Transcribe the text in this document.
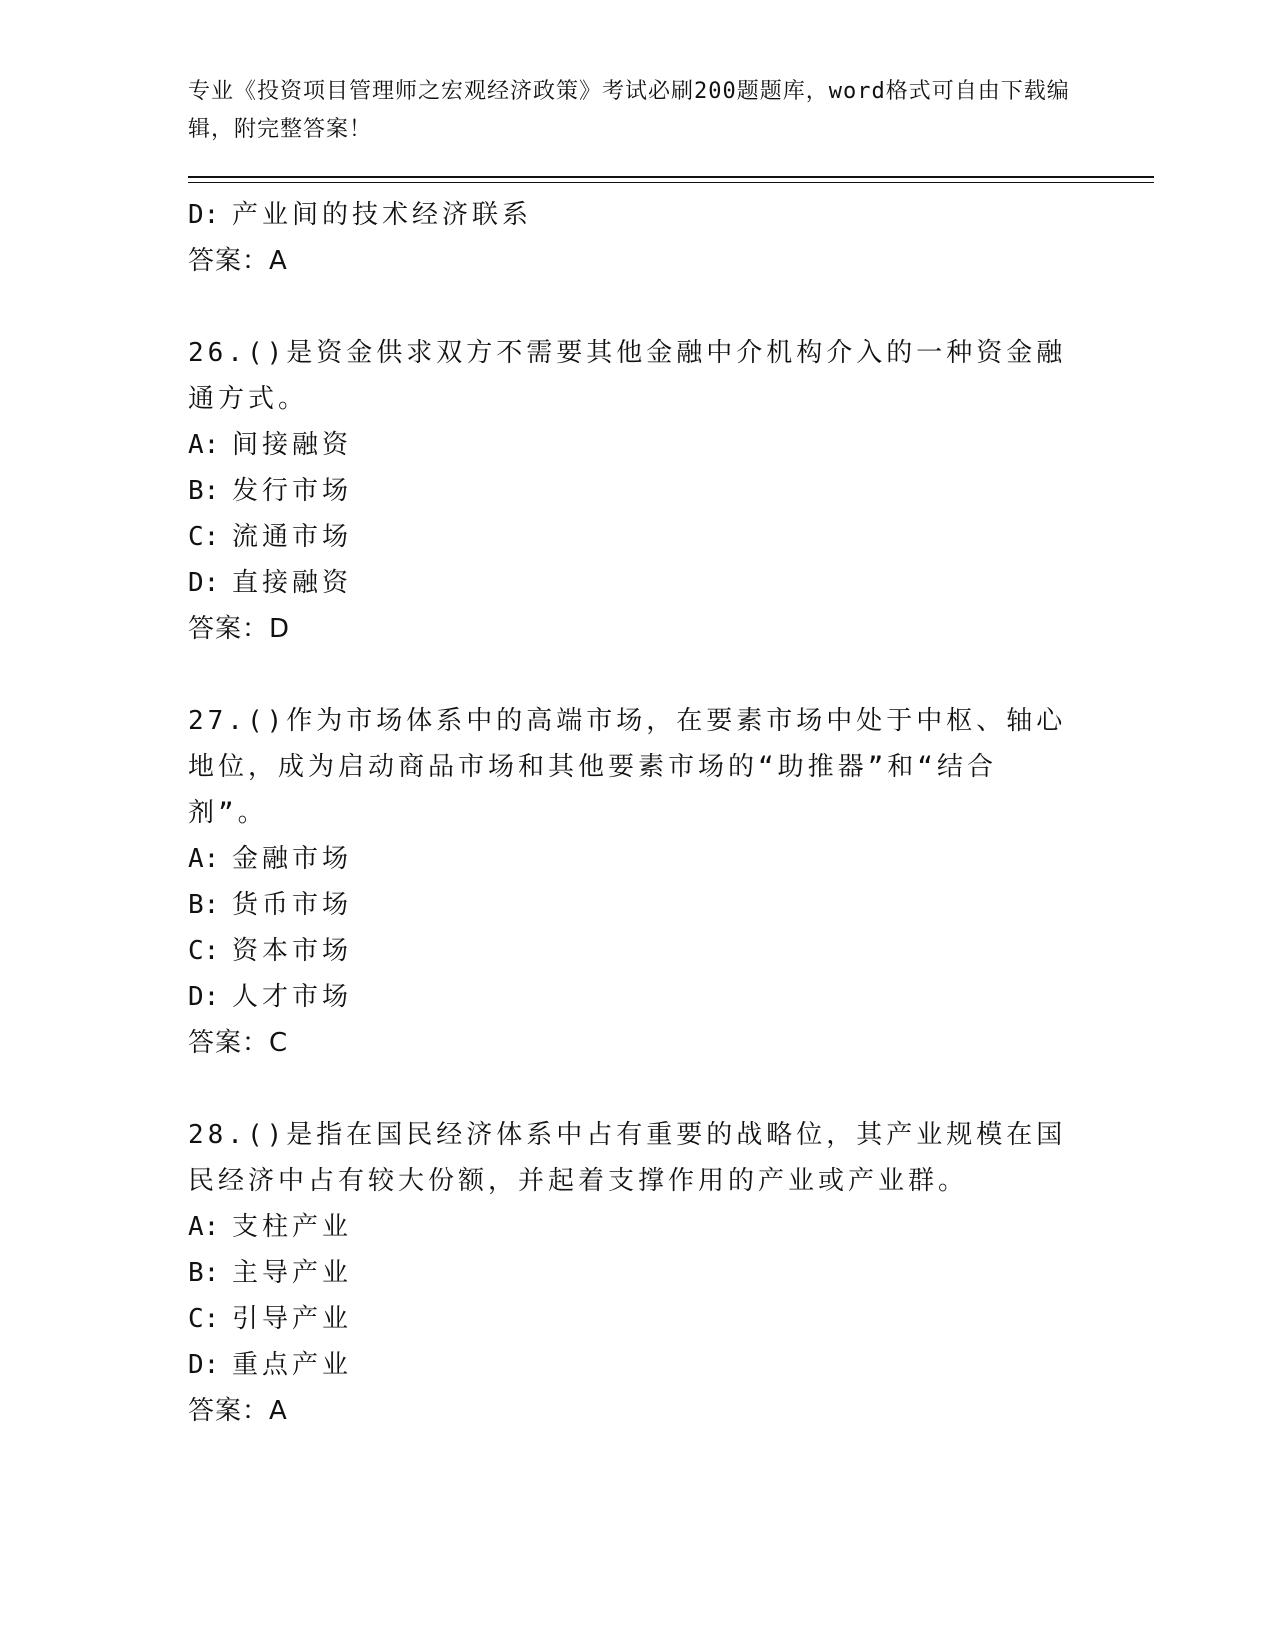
专业《投资项目管理师之宏观经济政策》考试必刷200题题库，word格式可自由下载编辑，附完整答案！
D: 产业间的技术经济联系
答案：A
26.()是资金供求双方不需要其他金融中介机构介入的一种资金融通方式。
A: 间接融资
B: 发行市场
C: 流通市场
D: 直接融资
答案：D
27.()作为市场体系中的高端市场，在要素市场中处于中枢、轴心地位，成为启动商品市场和其他要素市场的“助推器”和“结合剂”。
A: 金融市场
B: 货币市场
C: 资本市场
D: 人才市场
答案：C
28.()是指在国民经济体系中占有重要的战略位，其产业规模在国民经济中占有较大份额，并起着支撑作用的产业或产业群。
A: 支柱产业
B: 主导产业
C: 引导产业
D: 重点产业
答案：A
